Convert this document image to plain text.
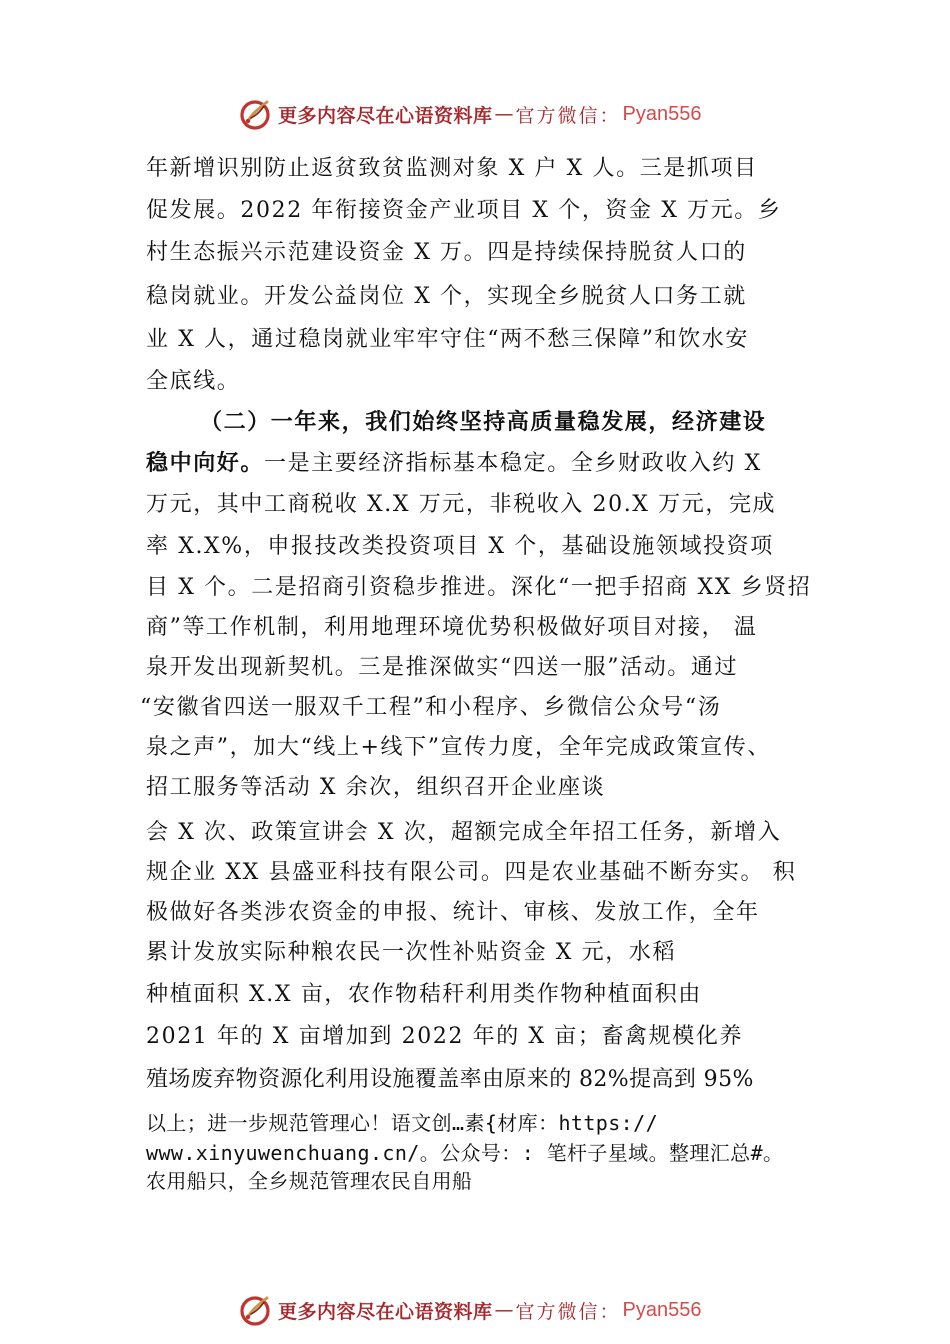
更多内容尽在心语资料库 — 官方微信： Pyan556
年新增识别防止返贫致贫监测对象 X 户 X 人。三是抓项目
促发展。2022 年衔接资金产业项目 X 个，资金 X 万元。乡
村生态振兴示范建设资金 X 万。四是持续保持脱贫人口的
稳岗就业。开发公益岗位 X 个，实现全乡脱贫人口务工就
业 X 人，通过稳岗就业牢牢守住“两不愁三保障”和饮水安
全底线。
（二）一年来，我们始终坚持高质量稳发展，经济建设
稳中向好。一是主要经济指标基本稳定。全乡财政收入约 X
万元，其中工商税收 X.X 万元，非税收入 20.X 万元，完成
率 X.X%，申报技改类投资项目 X 个，基础设施领域投资项
目 X 个。二是招商引资稳步推进。深化“一把手招商 XX 乡贤招
商”等工作机制，利用地理环境优势积极做好项目对接， 温
泉开发出现新契机。三是推深做实“四送一服”活动。通过
“安徽省四送一服双千工程”和小程序、乡微信公众号“汤
泉之声”，加大“线上+线下”宣传力度，全年完成政策宣传、
招工服务等活动 X 余次，组织召开企业座谈
会 X 次、政策宣讲会 X 次，超额完成全年招工任务，新增入
规企业 XX 县盛亚科技有限公司。四是农业基础不断夯实。 积
极做好各类涉农资金的申报、统计、审核、发放工作，全年
累计发放实际种粮农民一次性补贴资金 X 元，水稻
种植面积 X.X 亩，农作物秸秆利用类作物种植面积由
2021 年的 X 亩增加到 2022 年的 X 亩；畜禽规模化养
殖场废弃物资源化利用设施覆盖率由原来的 82%提高到 95%
以上；进一步规范管理心！语文创…素{材库：https://
www.xinyuwenchuang.cn/。公众号：: 笔杆子星域。整理汇总#。
农用船只，全乡规范管理农民自用船
更多内容尽在心语资料库 — 官方微信： Pyan556
